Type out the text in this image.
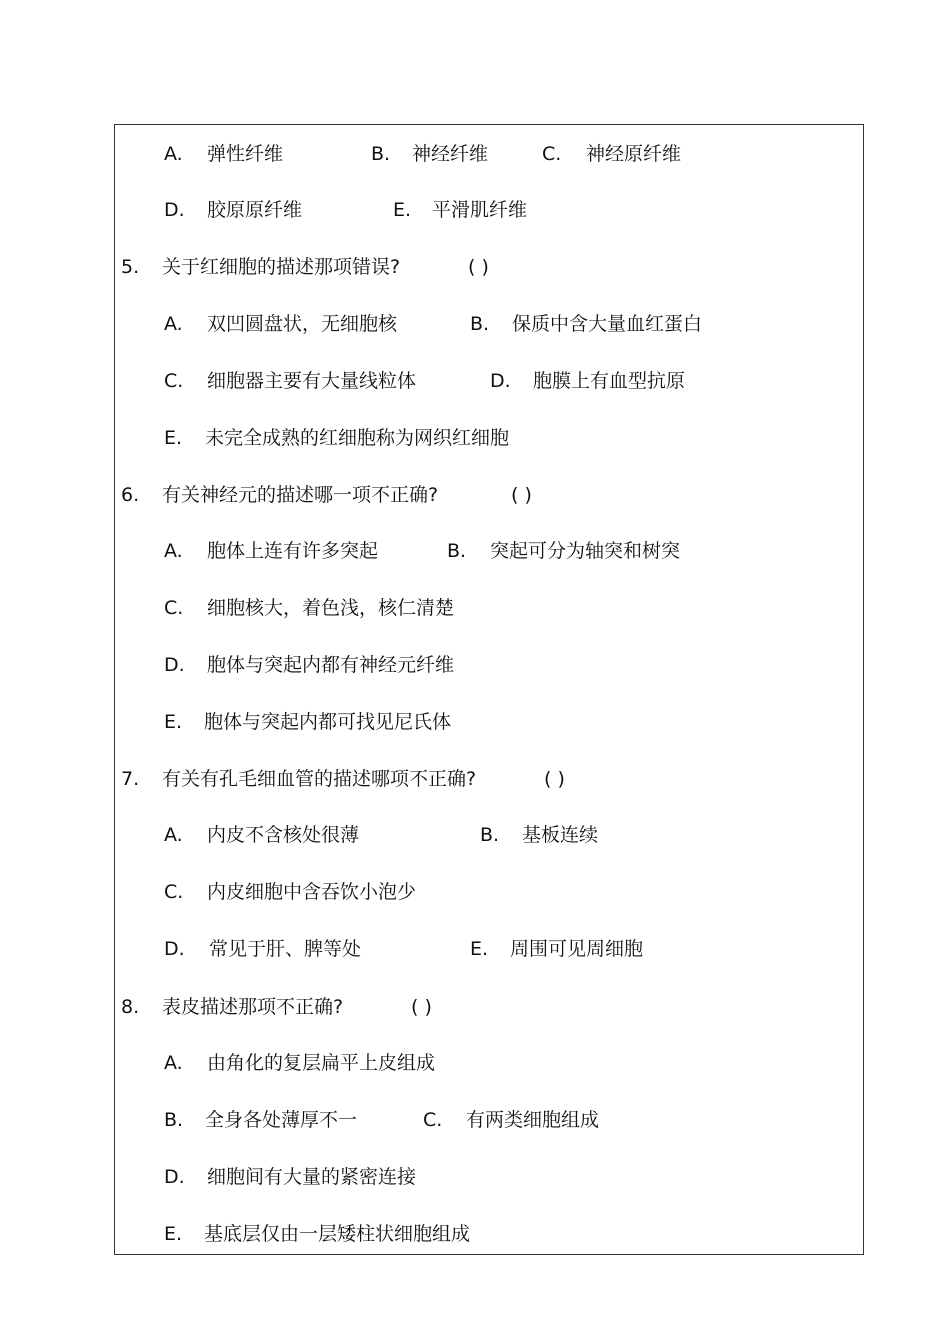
A. 弹性纤维	B. 神经纤维	C. 神经原纤维
D. 胶原原纤维	E. 平滑肌纤维
5. 关于红细胞的描述那项错误?	( )
A. 双凹圆盘状，无细胞核	B. 保质中含大量血红蛋白
C. 细胞器主要有大量线粒体	D. 胞膜上有血型抗原
E. 未完全成熟的红细胞称为网织红细胞
6. 有关神经元的描述哪一项不正确?	( )
A. 胞体上连有许多突起	B. 突起可分为轴突和树突
C. 细胞核大，着色浅，核仁清楚
D. 胞体与突起内都有神经元纤维
E. 胞体与突起内都可找见尼氏体
7. 有关有孔毛细血管的描述哪项不正确?	( )
A. 内皮不含核处很薄	B. 基板连续
C. 内皮细胞中含吞饮小泡少
D. 常见于肝、脾等处	E. 周围可见周细胞
8. 表皮描述那项不正确?	( )
A. 由角化的复层扁平上皮组成
B. 全身各处薄厚不一	C. 有两类细胞组成
D. 细胞间有大量的紧密连接
E. 基底层仅由一层矮柱状细胞组成
